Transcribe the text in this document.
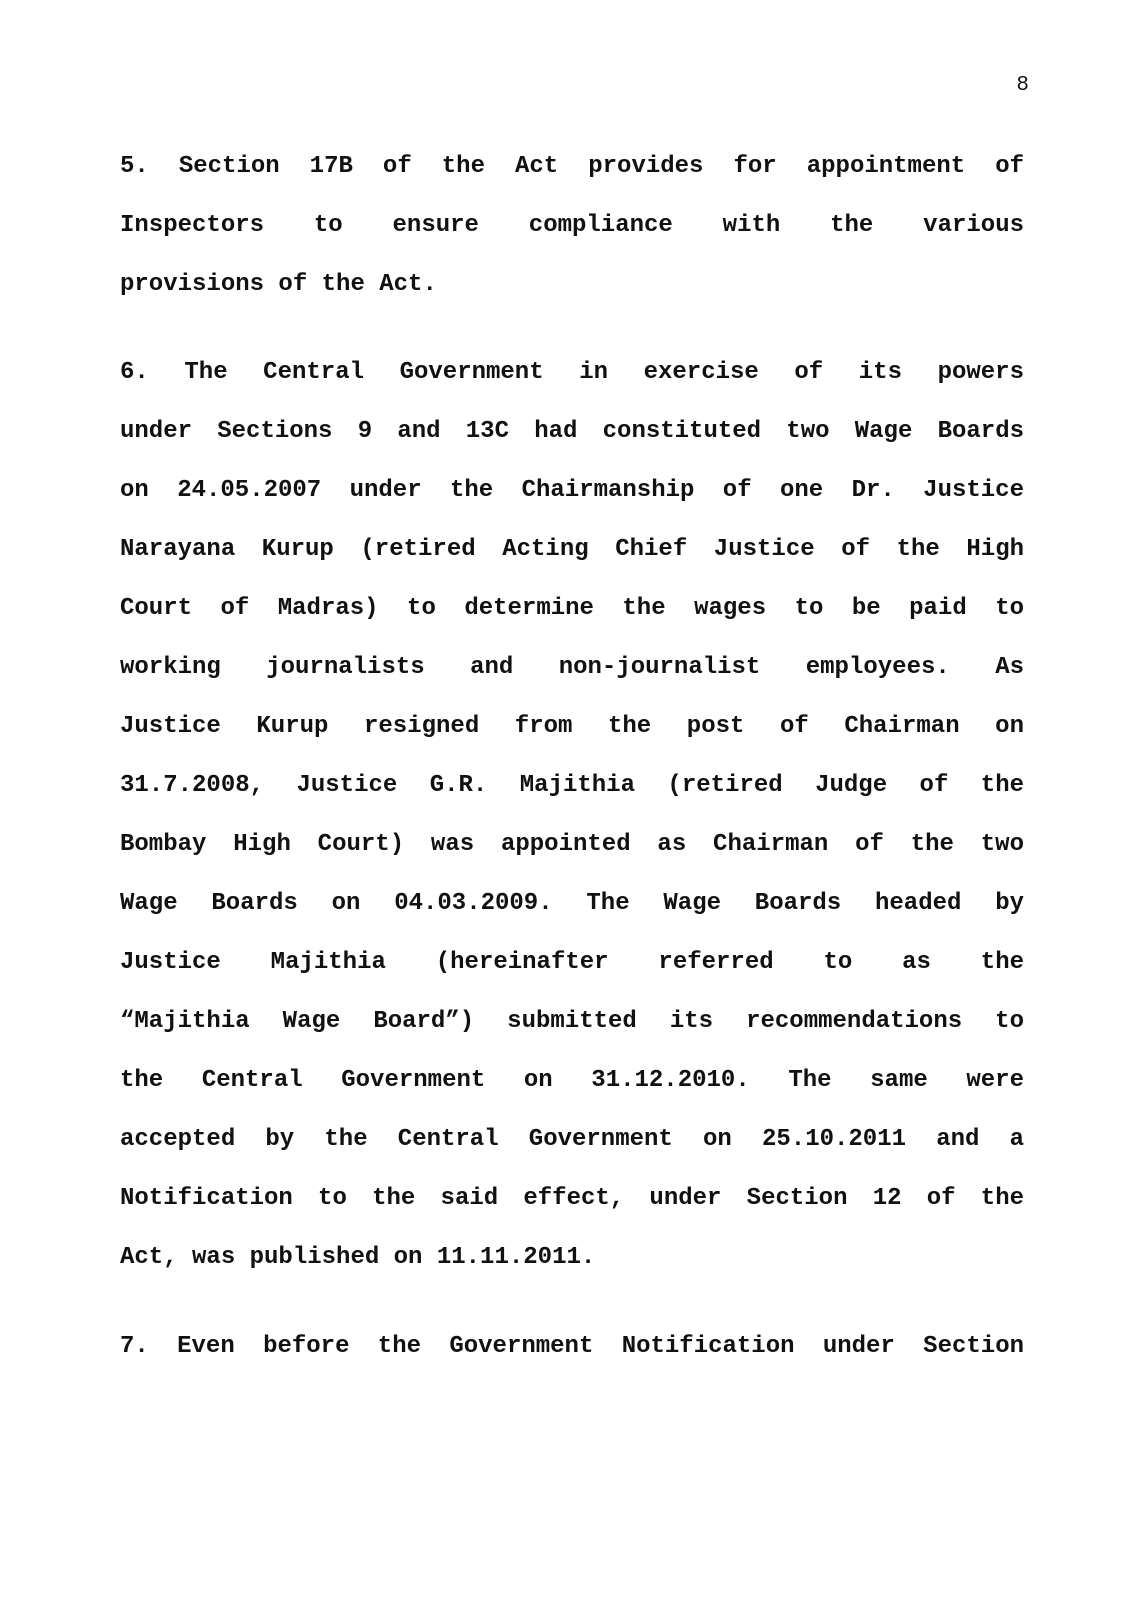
8
5. Section 17B of the Act provides for appointment of
Inspectors to ensure compliance with the various
provisions of the Act.
6. The Central Government in exercise of its powers
under Sections 9 and 13C had constituted two Wage Boards
on 24.05.2007 under the Chairmanship of one Dr. Justice
Narayana Kurup (retired Acting Chief Justice of the High
Court of Madras) to determine the wages to be paid to
working journalists and non-journalist employees. As
Justice Kurup resigned from the post of Chairman on
31.7.2008, Justice G.R. Majithia (retired Judge of the
Bombay High Court) was appointed as Chairman of the two
Wage Boards on 04.03.2009. The Wage Boards headed by
Justice Majithia (hereinafter referred to as the
“Majithia Wage Board”) submitted its recommendations to
the Central Government on 31.12.2010. The same were
accepted by the Central Government on 25.10.2011 and a
Notification to the said effect, under Section 12 of the
Act, was published on 11.11.2011.
7. Even before the Government Notification under Section
